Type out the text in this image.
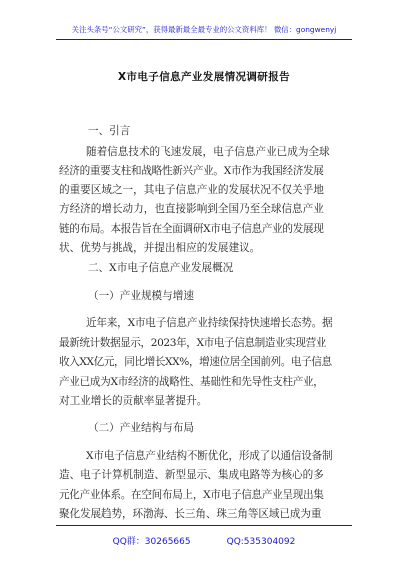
关注头条号“公文研究”，获得最新最全最专业的公文资料库！ 微信：gongwenyj
X市电子信息产业发展情况调研报告
一、引言
随着信息技术的飞速发展，电子信息产业已成为全球
经济的重要支柱和战略性新兴产业。X市作为我国经济发展
的重要区域之一，其电子信息产业的发展状况不仅关乎地
方经济的增长动力，也直接影响到全国乃至全球信息产业
链的布局。本报告旨在全面调研X市电子信息产业的发展现
状、优势与挑战，并提出相应的发展建议。
二、X市电子信息产业发展概况
（一）产业规模与增速
近年来，X市电子信息产业持续保持快速增长态势。据
最新统计数据显示，2023年，X市电子信息制造业实现营业
收入XX亿元，同比增长XX%，增速位居全国前列。电子信息
产业已成为X市经济的战略性、基础性和先导性支柱产业，
对工业增长的贡献率显著提升。
（二）产业结构与布局
X市电子信息产业结构不断优化，形成了以通信设备制
造、电子计算机制造、新型显示、集成电路等为核心的多
元化产业体系。在空间布局上，X市电子信息产业呈现出集
聚化发展趋势，环渤海、长三角、珠三角等区域已成为重
QQ群：30265665	QQ:535304092
